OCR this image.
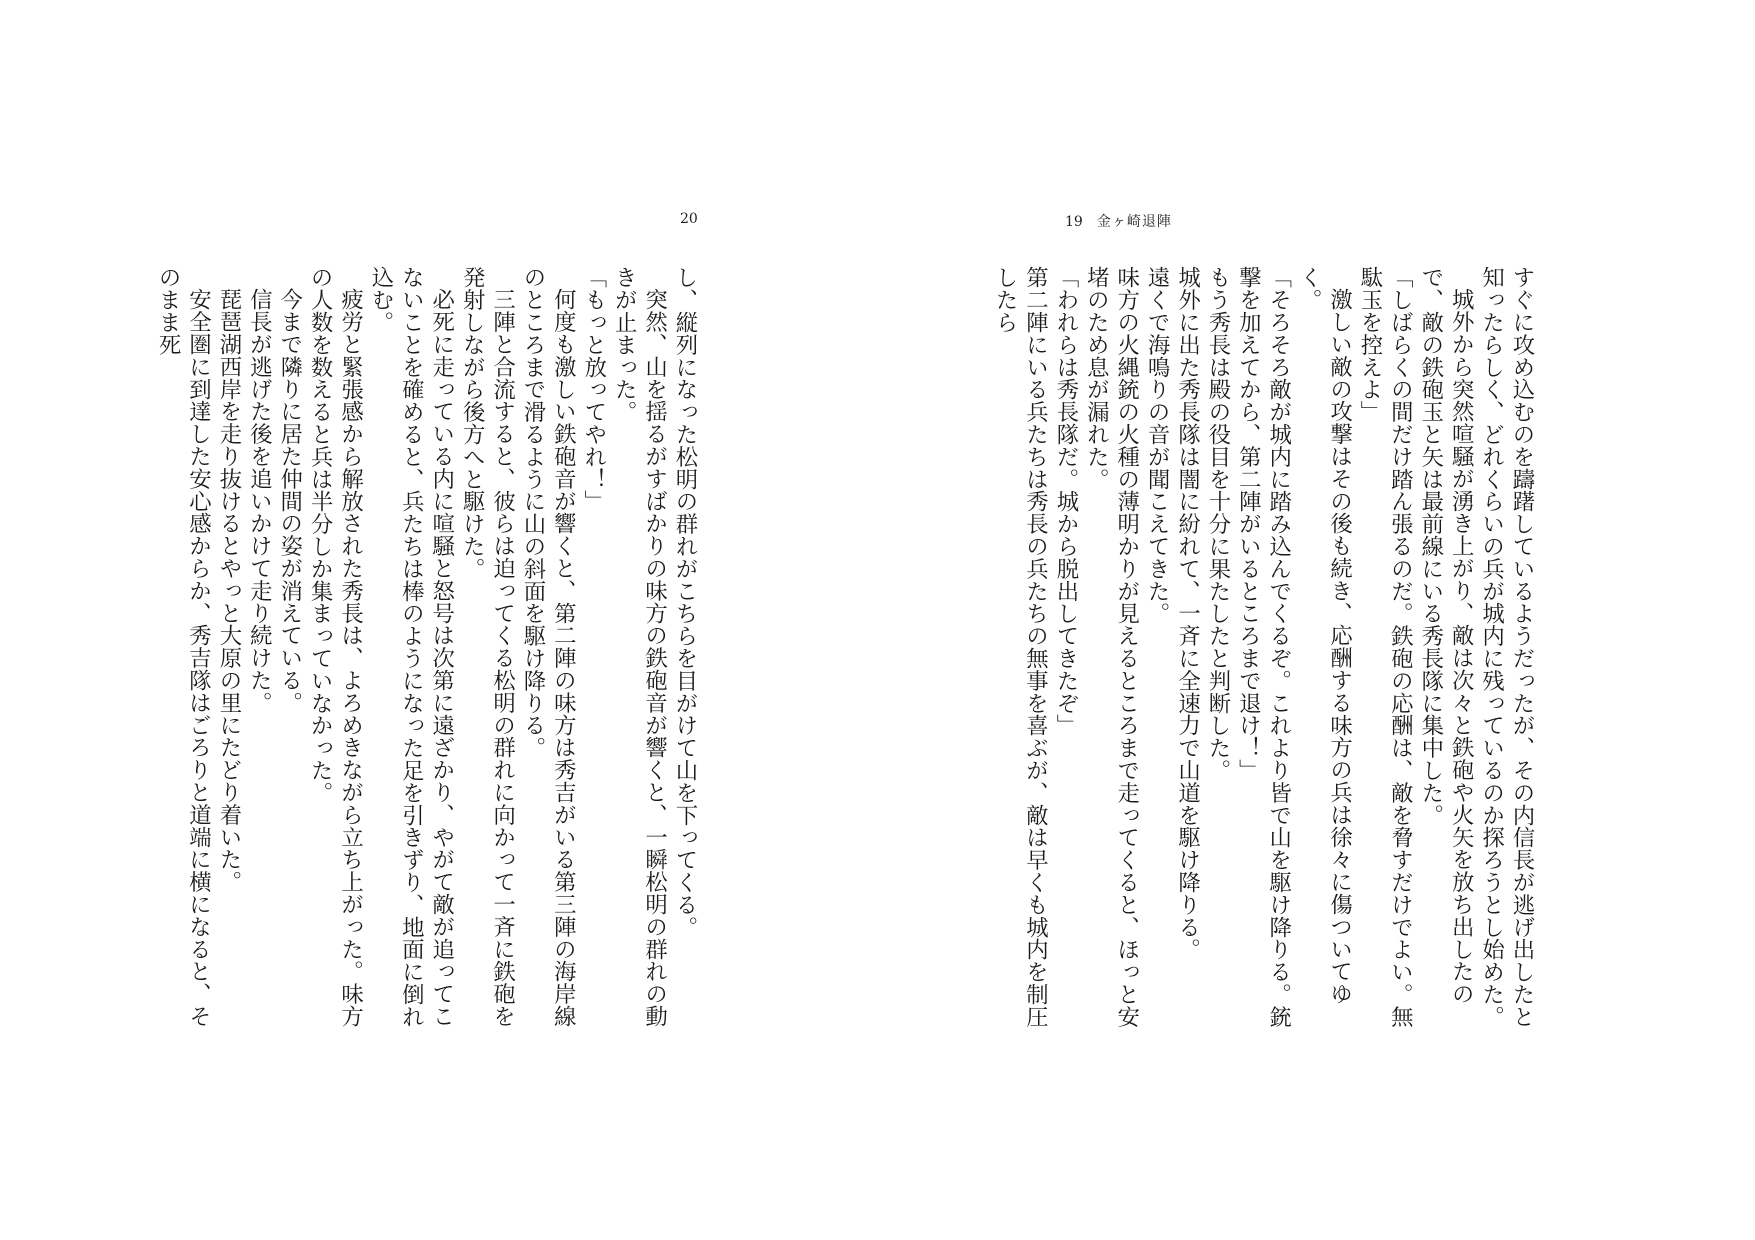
20	19 金ヶ崎退陣

すぐに攻め込むのを躊躇しているようだったが、その内信長が逃げ出したと知ったらしく、どれくらいの兵が城内に残っているのか探ろうとし始めた。

城外から突然喧騒が湧き上がり、敵は次々と鉄砲や火矢を放ち出したので、敵の鉄砲玉と矢は最前線にいる秀長隊に集中した。

「しばらくの間だけ踏ん張るのだ。鉄砲の応酬は、敵を脅すだけでよい。無駄玉を控えよ」

激しい敵の攻撃はその後も続き、応酬する味方の兵は徐々に傷ついてゆく。

「そろそろ敵が城内に踏み込んでくるぞ。これより皆で山を駆け降りる。銃撃を加えてから、第二陣がいるところまで退け！」

もう秀長は殿の役目を十分に果たしたと判断した。

城外に出た秀長隊は闇に紛れて、一斉に全速力で山道を駆け降りる。

遠くで海鳴りの音が聞こえてきた。

味方の火縄銃の火種の薄明かりが見えるところまで走ってくると、ほっと安堵のため息が漏れた。

「われらは秀長隊だ。城から脱出してきたぞ」

第二陣にいる兵たちは秀長の兵たちの無事を喜ぶが、敵は早くも城内を制圧したら

し、縦列になった松明の群れがこちらを目がけて山を下ってくる。

突然、山を揺るがすばかりの味方の鉄砲音が響くと、一瞬松明の群れの動きが止まった。

「もっと放ってやれ！」

何度も激しい鉄砲音が響くと、第二陣の味方は秀吉がいる第三陣の海岸線のところまで滑るように山の斜面を駆け降りる。

三陣と合流すると、彼らは迫ってくる松明の群れに向かって一斉に鉄砲を発射しながら後方へと駆けた。

必死に走っている内に喧騒と怒号は次第に遠ざかり、やがて敵が追ってこないことを確めると、兵たちは棒のようになった足を引きずり、地面に倒れ込む。

疲労と緊張感から解放された秀長は、よろめきながら立ち上がった。味方の人数を数えると兵は半分しか集まっていなかった。

今まで隣りに居た仲間の姿が消えている。

信長が逃げた後を追いかけて走り続けた。

琵琶湖西岸を走り抜けるとやっと大原の里にたどり着いた。

安全圏に到達した安心感からか、秀吉隊はごろりと道端に横になると、そのまま死
